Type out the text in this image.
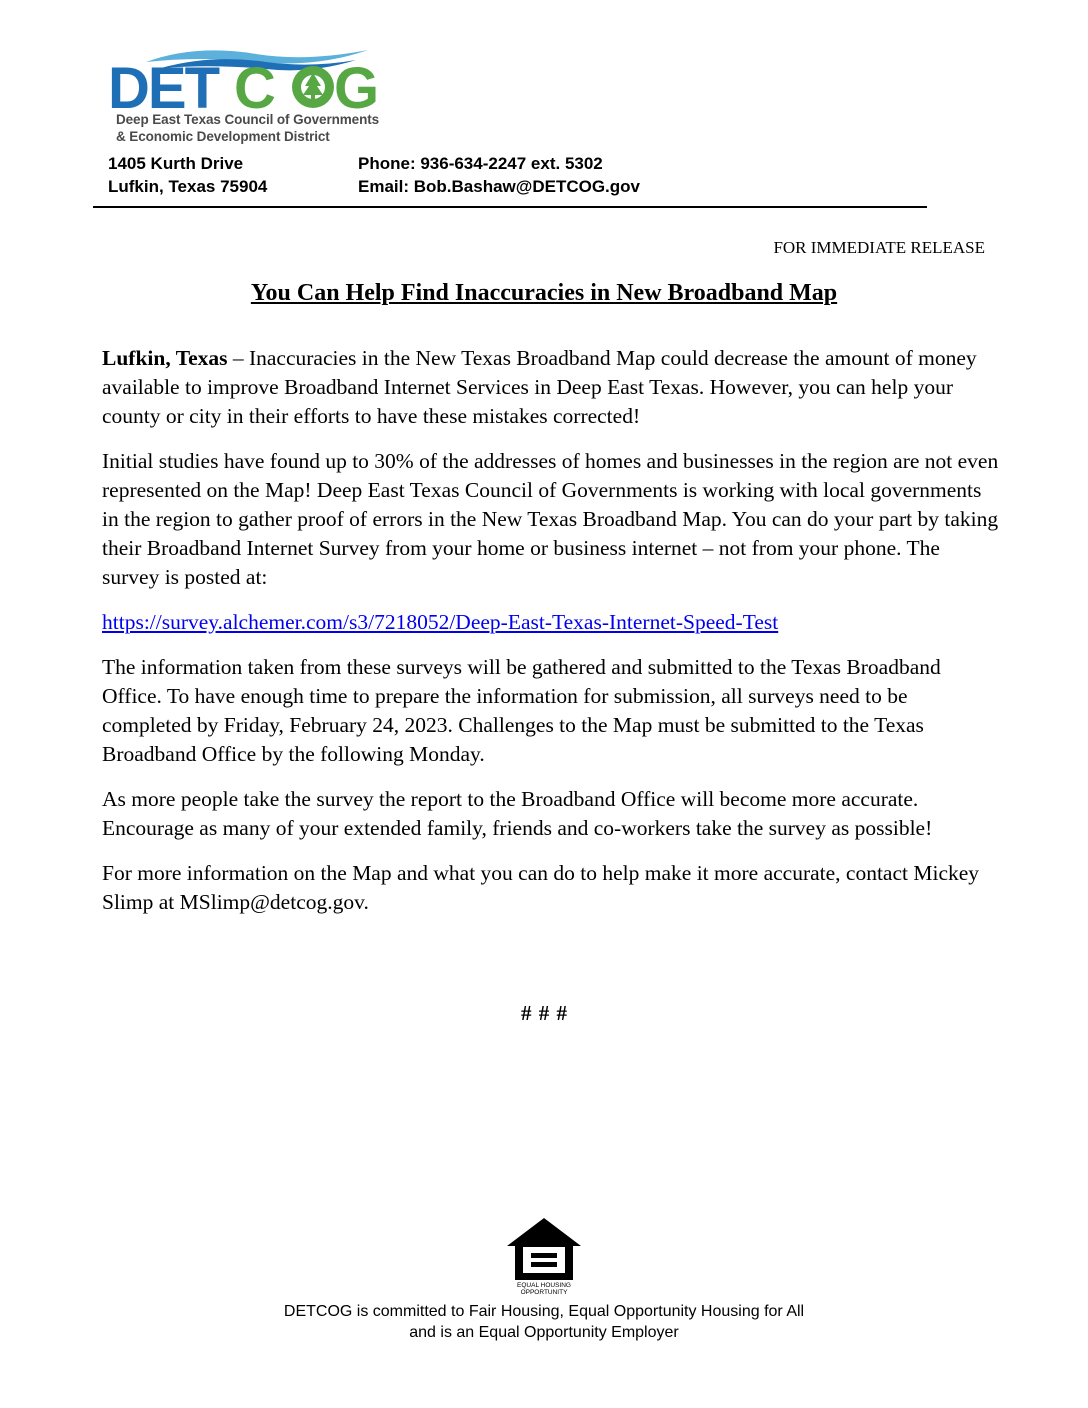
DET C G
Deep East Texas Council of Governments
& Economic Development District
1405 Kurth Drive
Lufkin, Texas 75904
Phone: 936-634-2247 ext. 5302
Email: Bob.Bashaw@DETCOG.gov
FOR IMMEDIATE RELEASE
You Can Help Find Inaccuracies in New Broadband Map

Lufkin, Texas – Inaccuracies in the New Texas Broadband Map could decrease the amount of money available to improve Broadband Internet Services in Deep East Texas. However, you can help your county or city in their efforts to have these mistakes corrected!

Initial studies have found up to 30% of the addresses of homes and businesses in the region are not even represented on the Map! Deep East Texas Council of Governments is working with local governments in the region to gather proof of errors in the New Texas Broadband Map. You can do your part by taking their Broadband Internet Survey from your home or business internet – not from your phone. The survey is posted at:

https://survey.alchemer.com/s3/7218052/Deep-East-Texas-Internet-Speed-Test

The information taken from these surveys will be gathered and submitted to the Texas Broadband Office. To have enough time to prepare the information for submission, all surveys need to be completed by Friday, February 24, 2023. Challenges to the Map must be submitted to the Texas Broadband Office by the following Monday.

As more people take the survey the report to the Broadband Office will become more accurate. Encourage as many of your extended family, friends and co-workers take the survey as possible!

For more information on the Map and what you can do to help make it more accurate, contact Mickey Slimp at MSlimp@detcog.gov.

# # #
EQUAL HOUSING
OPPORTUNITY
DETCOG is committed to Fair Housing, Equal Opportunity Housing for All
and is an Equal Opportunity Employer
